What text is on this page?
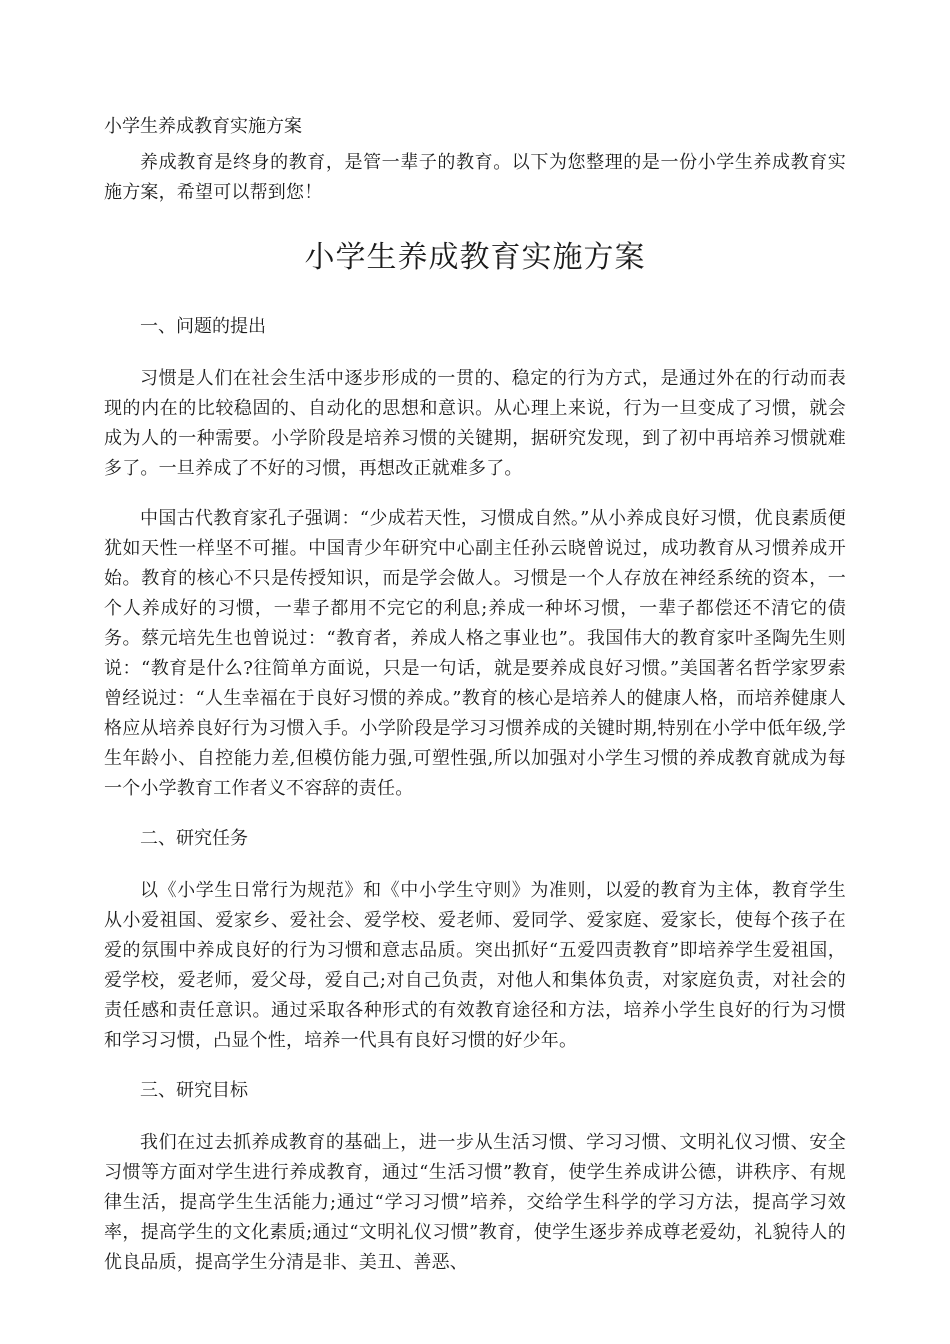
小学生养成教育实施方案

养成教育是终身的教育，是管一辈子的教育。以下为您整理的是一份小学生养成教育实施方案，希望可以帮到您！

小学生养成教育实施方案
一、问题的提出

习惯是人们在社会生活中逐步形成的一贯的、稳定的行为方式，是通过外在的行动而表现的内在的比较稳固的、自动化的思想和意识。从心理上来说，行为一旦变成了习惯，就会成为人的一种需要。小学阶段是培养习惯的关键期，据研究发现，到了初中再培养习惯就难多了。一旦养成了不好的习惯，再想改正就难多了。

中国古代教育家孔子强调：“少成若天性，习惯成自然。”从小养成良好习惯，优良素质便犹如天性一样坚不可摧。中国青少年研究中心副主任孙云晓曾说过，成功教育从习惯养成开始。教育的核心不只是传授知识，而是学会做人。习惯是一个人存放在神经系统的资本，一个人养成好的习惯，一辈子都用不完它的利息;养成一种坏习惯，一辈子都偿还不清它的债务。蔡元培先生也曾说过：“教育者，养成人格之事业也”。我国伟大的教育家叶圣陶先生则说：“教育是什么?往简单方面说，只是一句话，就是要养成良好习惯。”美国著名哲学家罗索曾经说过：“人生幸福在于良好习惯的养成。”教育的核心是培养人的健康人格，而培养健康人格应从培养良好行为习惯入手。小学阶段是学习习惯养成的关键时期,特别在小学中低年级,学生年龄小、自控能力差,但模仿能力强,可塑性强,所以加强对小学生习惯的养成教育就成为每一个小学教育工作者义不容辞的责任。

二、研究任务

以《小学生日常行为规范》和《中小学生守则》为准则，以爱的教育为主体，教育学生从小爱祖国、爱家乡、爱社会、爱学校、爱老师、爱同学、爱家庭、爱家长，使每个孩子在爱的氛围中养成良好的行为习惯和意志品质。突出抓好“五爱四责教育”即培养学生爱祖国，爱学校，爱老师，爱父母，爱自己;对自己负责，对他人和集体负责，对家庭负责，对社会的责任感和责任意识。通过采取各种形式的有效教育途径和方法，培养小学生良好的行为习惯和学习习惯，凸显个性，培养一代具有良好习惯的好少年。

三、研究目标

我们在过去抓养成教育的基础上，进一步从生活习惯、学习习惯、文明礼仪习惯、安全习惯等方面对学生进行养成教育，通过“生活习惯”教育，使学生养成讲公德，讲秩序、有规律生活，提高学生生活能力;通过“学习习惯”培养，交给学生科学的学习方法，提高学习效率，提高学生的文化素质;通过“文明礼仪习惯”教育，使学生逐步养成尊老爱幼，礼貌待人的优良品质，提高学生分清是非、美丑、善恶、
